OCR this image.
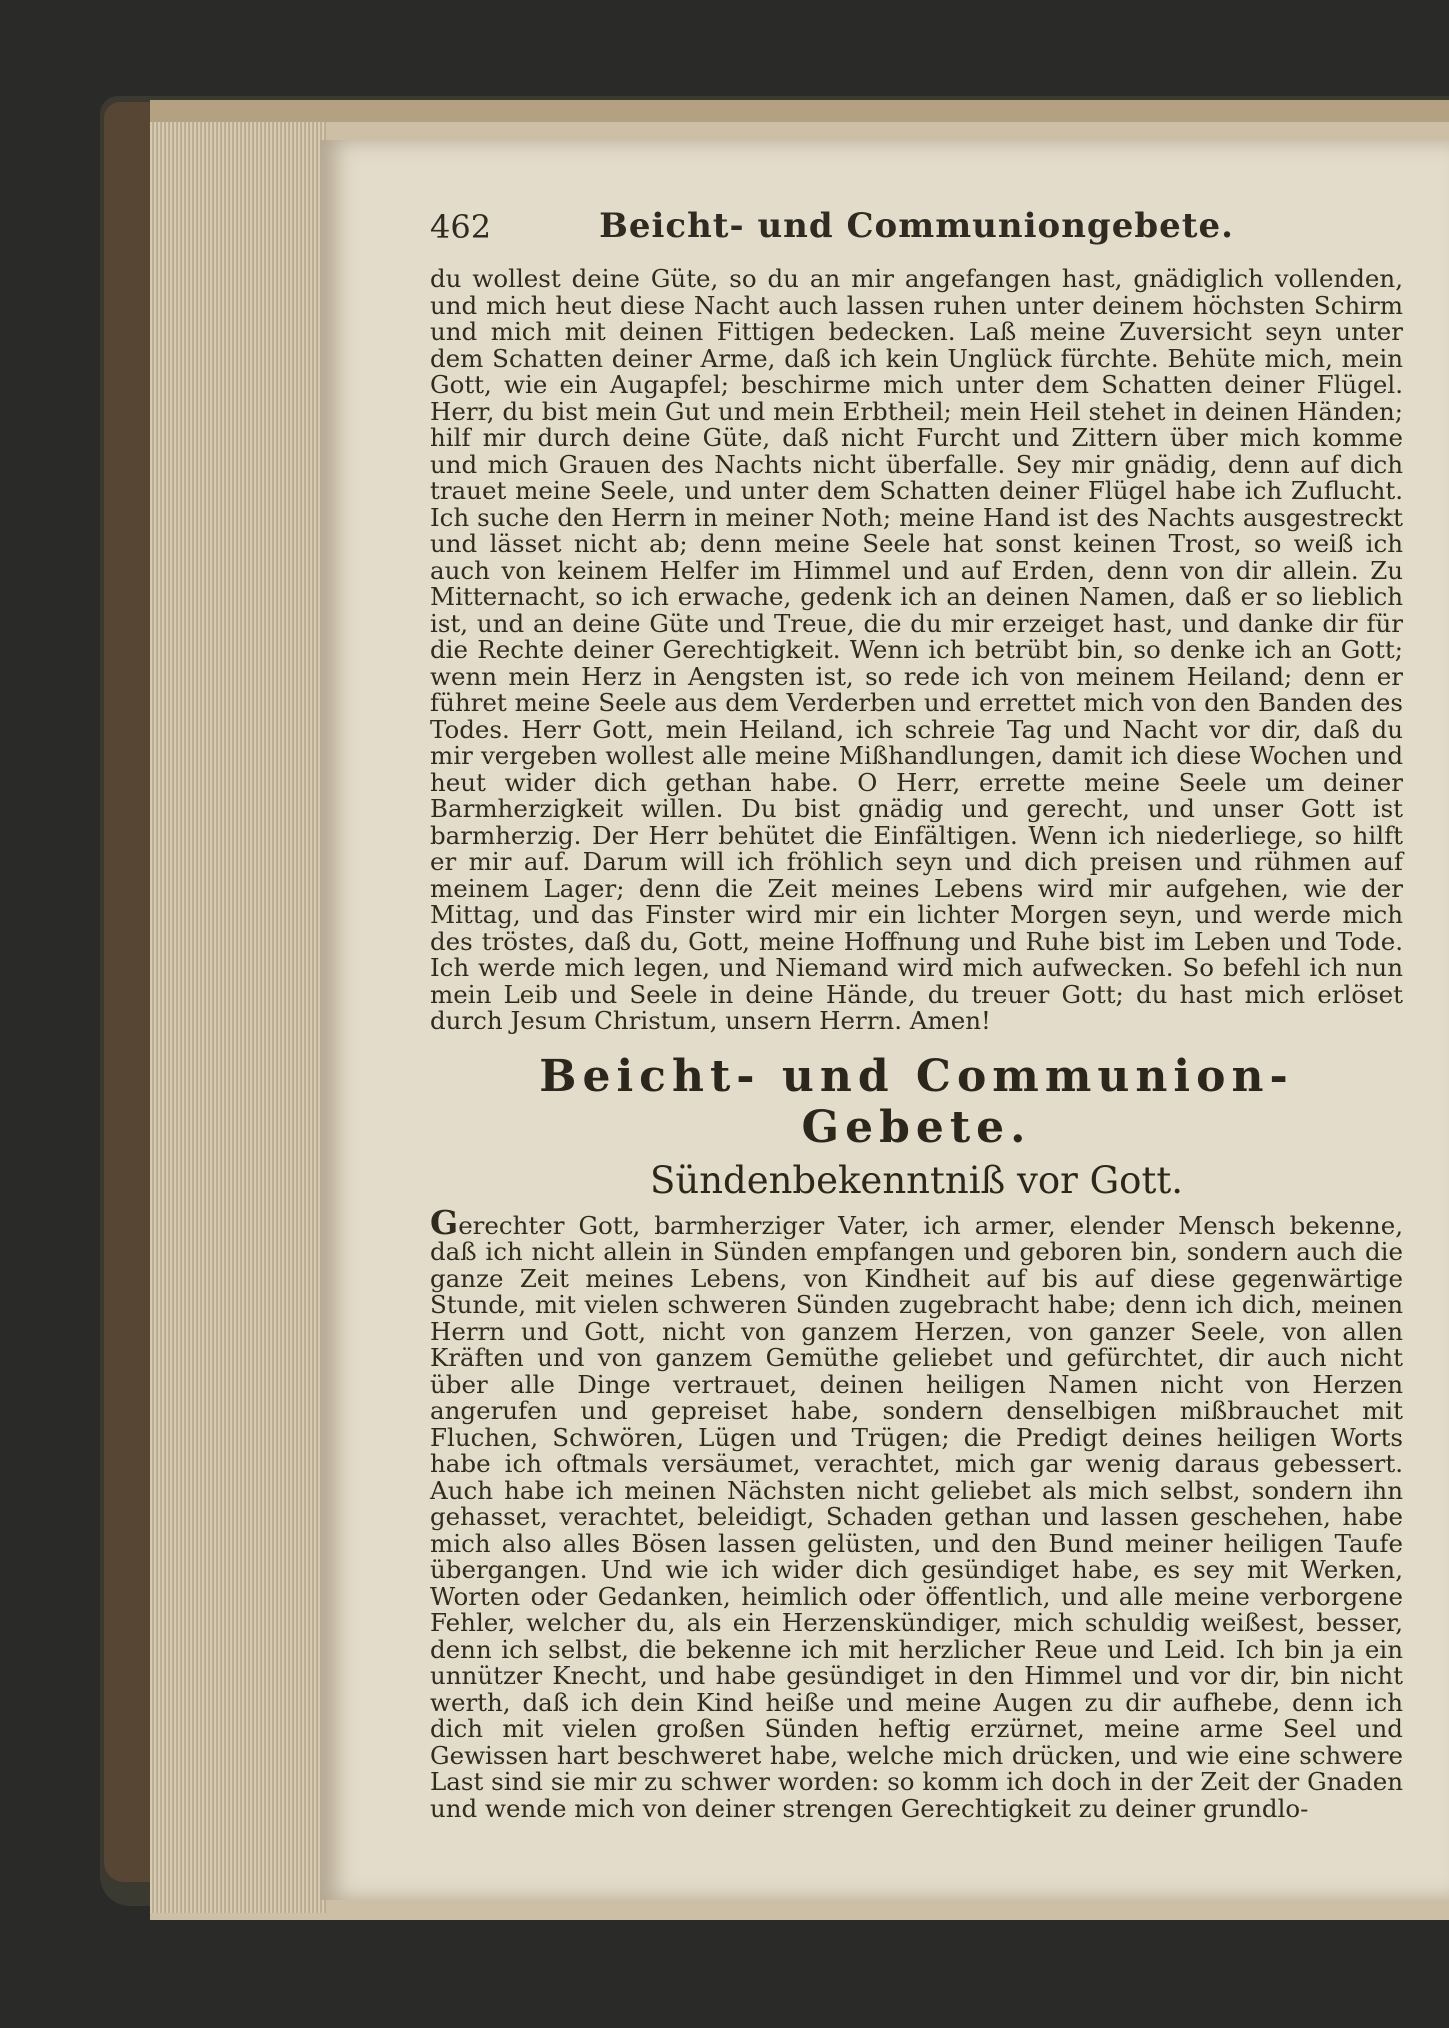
462	Beicht- und Communiongebete.

du wollest deine Güte, so du an mir angefangen hast, gnädiglich vollenden, und mich heut diese Nacht auch lassen ruhen unter deinem höchsten Schirm und mich mit deinen Fittigen bedecken. Laß meine Zuversicht seyn unter dem Schatten deiner Arme, daß ich kein Unglück fürchte. Behüte mich, mein Gott, wie ein Augapfel; beschirme mich unter dem Schatten deiner Flügel. Herr, du bist mein Gut und mein Erbtheil; mein Heil stehet in deinen Händen; hilf mir durch deine Güte, daß nicht Furcht und Zittern über mich komme und mich Grauen des Nachts nicht überfalle. Sey mir gnädig, denn auf dich trauet meine Seele, und unter dem Schatten deiner Flügel habe ich Zuflucht. Ich suche den Herrn in meiner Noth; meine Hand ist des Nachts ausgestreckt und lässet nicht ab; denn meine Seele hat sonst keinen Trost, so weiß ich auch von keinem Helfer im Himmel und auf Erden, denn von dir allein. Zu Mitternacht, so ich erwache, gedenk ich an deinen Namen, daß er so lieblich ist, und an deine Güte und Treue, die du mir erzeiget hast, und danke dir für die Rechte deiner Gerechtigkeit. Wenn ich betrübt bin, so denke ich an Gott; wenn mein Herz in Aengsten ist, so rede ich von meinem Heiland; denn er führet meine Seele aus dem Verderben und errettet mich von den Banden des Todes. Herr Gott, mein Heiland, ich schreie Tag und Nacht vor dir, daß du mir vergeben wollest alle meine Mißhandlungen, damit ich diese Wochen und heut wider dich gethan habe. O Herr, errette meine Seele um deiner Barmherzigkeit willen. Du bist gnädig und gerecht, und unser Gott ist barmherzig. Der Herr behütet die Einfältigen. Wenn ich niederliege, so hilft er mir auf. Darum will ich fröhlich seyn und dich preisen und rühmen auf meinem Lager; denn die Zeit meines Lebens wird mir aufgehen, wie der Mittag, und das Finster wird mir ein lichter Morgen seyn, und werde mich des tröstes, daß du, Gott, meine Hoffnung und Ruhe bist im Leben und Tode. Ich werde mich legen, und Niemand wird mich aufwecken. So befehl ich nun mein Leib und Seele in deine Hände, du treuer Gott; du hast mich erlöset durch Jesum Christum, unsern Herrn. Amen!

Beicht- und Communion-Gebete.
Sündenbekenntniß vor Gott.

Gerechter Gott, barmherziger Vater, ich armer, elender Mensch bekenne, daß ich nicht allein in Sünden empfangen und geboren bin, sondern auch die ganze Zeit meines Lebens, von Kindheit auf bis auf diese gegenwärtige Stunde, mit vielen schweren Sünden zugebracht habe; denn ich dich, meinen Herrn und Gott, nicht von ganzem Herzen, von ganzer Seele, von allen Kräften und von ganzem Gemüthe geliebet und gefürchtet, dir auch nicht über alle Dinge vertrauet, deinen heiligen Namen nicht von Herzen angerufen und gepreiset habe, sondern denselbigen mißbrauchet mit Fluchen, Schwören, Lügen und Trügen; die Predigt deines heiligen Worts habe ich oftmals versäumet, verachtet, mich gar wenig daraus gebessert. Auch habe ich meinen Nächsten nicht geliebet als mich selbst, sondern ihn gehasset, verachtet, beleidigt, Schaden gethan und lassen geschehen, habe mich also alles Bösen lassen gelüsten, und den Bund meiner heiligen Taufe übergangen. Und wie ich wider dich gesündiget habe, es sey mit Werken, Worten oder Gedanken, heimlich oder öffentlich, und alle meine verborgene Fehler, welcher du, als ein Herzenskündiger, mich schuldig weißest, besser, denn ich selbst, die bekenne ich mit herzlicher Reue und Leid. Ich bin ja ein unnützer Knecht, und habe gesündiget in den Himmel und vor dir, bin nicht werth, daß ich dein Kind heiße und meine Augen zu dir aufhebe, denn ich dich mit vielen großen Sünden heftig erzürnet, meine arme Seel und Gewissen hart beschweret habe, welche mich drücken, und wie eine schwere Last sind sie mir zu schwer worden: so komm ich doch in der Zeit der Gnaden und wende mich von deiner strengen Gerechtigkeit zu deiner grundlo-
